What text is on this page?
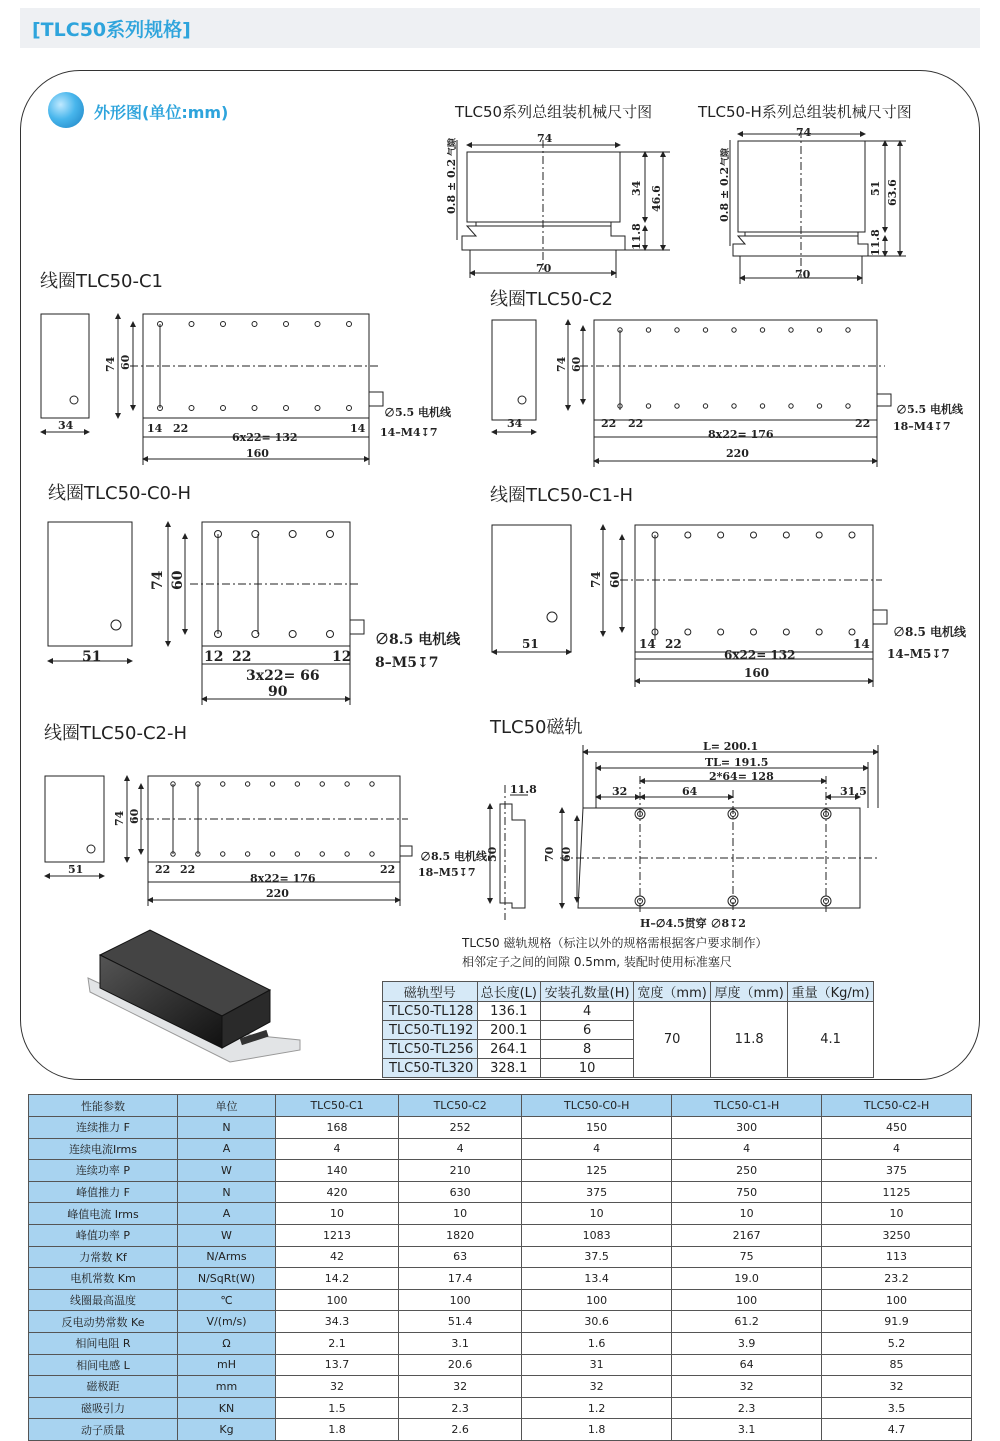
[TLC50系列规格]
外形图(单位:mm)	TLC50系列总组装机械尺寸图	TLC50-H系列总组装机械尺寸图
线圈TLC50-C1
线圈TLC50-C2
线圈TLC50-C0-H	线圈TLC50-C1-H
线圈TLC50-C2-H	TLC50磁轨
74
70
34 46.6
11.8
0.8 ± 0.2
气隙
74
70
51 63.6
11.8
0.8 ± 0.2
气隙
74 60
34	14 22
6x22= 132
14
160
∅5.5 电机线
14–M4↧7
74 60
34	22 22
8x22= 176
22
220
∅5.5 电机线
18–M4↧7
74 60
51	12 22
3x22= 66
12
90
∅8.5 电机线
8–M5↧7
74 60
51	14 22
6x22= 132
14
160
∅8.5 电机线
14–M5↧7
74 60
51	22 22
8x22= 176
22
220
∅8.5 电机线
18–M5↧7
L= 200.1
TL= 191.5
2*64= 128
32	64	31.5
11.8
50	70 60
H–∅4.5贯穿 ∅8↧2
TLC50 磁轨规格（标注以外的规格需根据客户要求制作）
相邻定子之间的间隙 0.5mm, 装配时使用标准塞尺
磁轨型号	总长度(L)	安装孔数量(H)	宽度（mm)	厚度（mm)	重量（Kg/m)
TLC50-TL128	136.1	4	70	11.8	4.1
TLC50-TL192	200.1	6			
TLC50-TL256	264.1	8			
TLC50-TL320	328.1	10			
性能参数	单位	TLC50-C1	TLC50-C2	TLC50-C0-H	TLC50-C1-H	TLC50-C2-H
连续推力 F	N	168	252	150	300	450
连续电流Irms	A	4	4	4	4	4
连续功率 P	W	140	210	125	250	375
峰值推力 F	N	420	630	375	750	1125
峰值电流 Irms	A	10	10	10	10	10
峰值功率 P	W	1213	1820	1083	2167	3250
力常数 Kf	N/Arms	42	63	37.5	75	113
电机常数 Km	N/SqRt(W)	14.2	17.4	13.4	19.0	23.2
线圈最高温度	℃	100	100	100	100	100
反电动势常数 Ke	V/(m/s)	34.3	51.4	30.6	61.2	91.9
相间电阻 R	Ω	2.1	3.1	1.6	3.9	5.2
相间电感 L	mH	13.7	20.6	31	64	85
磁极距	mm	32	32	32	32	32
磁吸引力	KN	1.5	2.3	1.2	2.3	3.5
动子质量	Kg	1.8	2.6	1.8	3.1	4.7
